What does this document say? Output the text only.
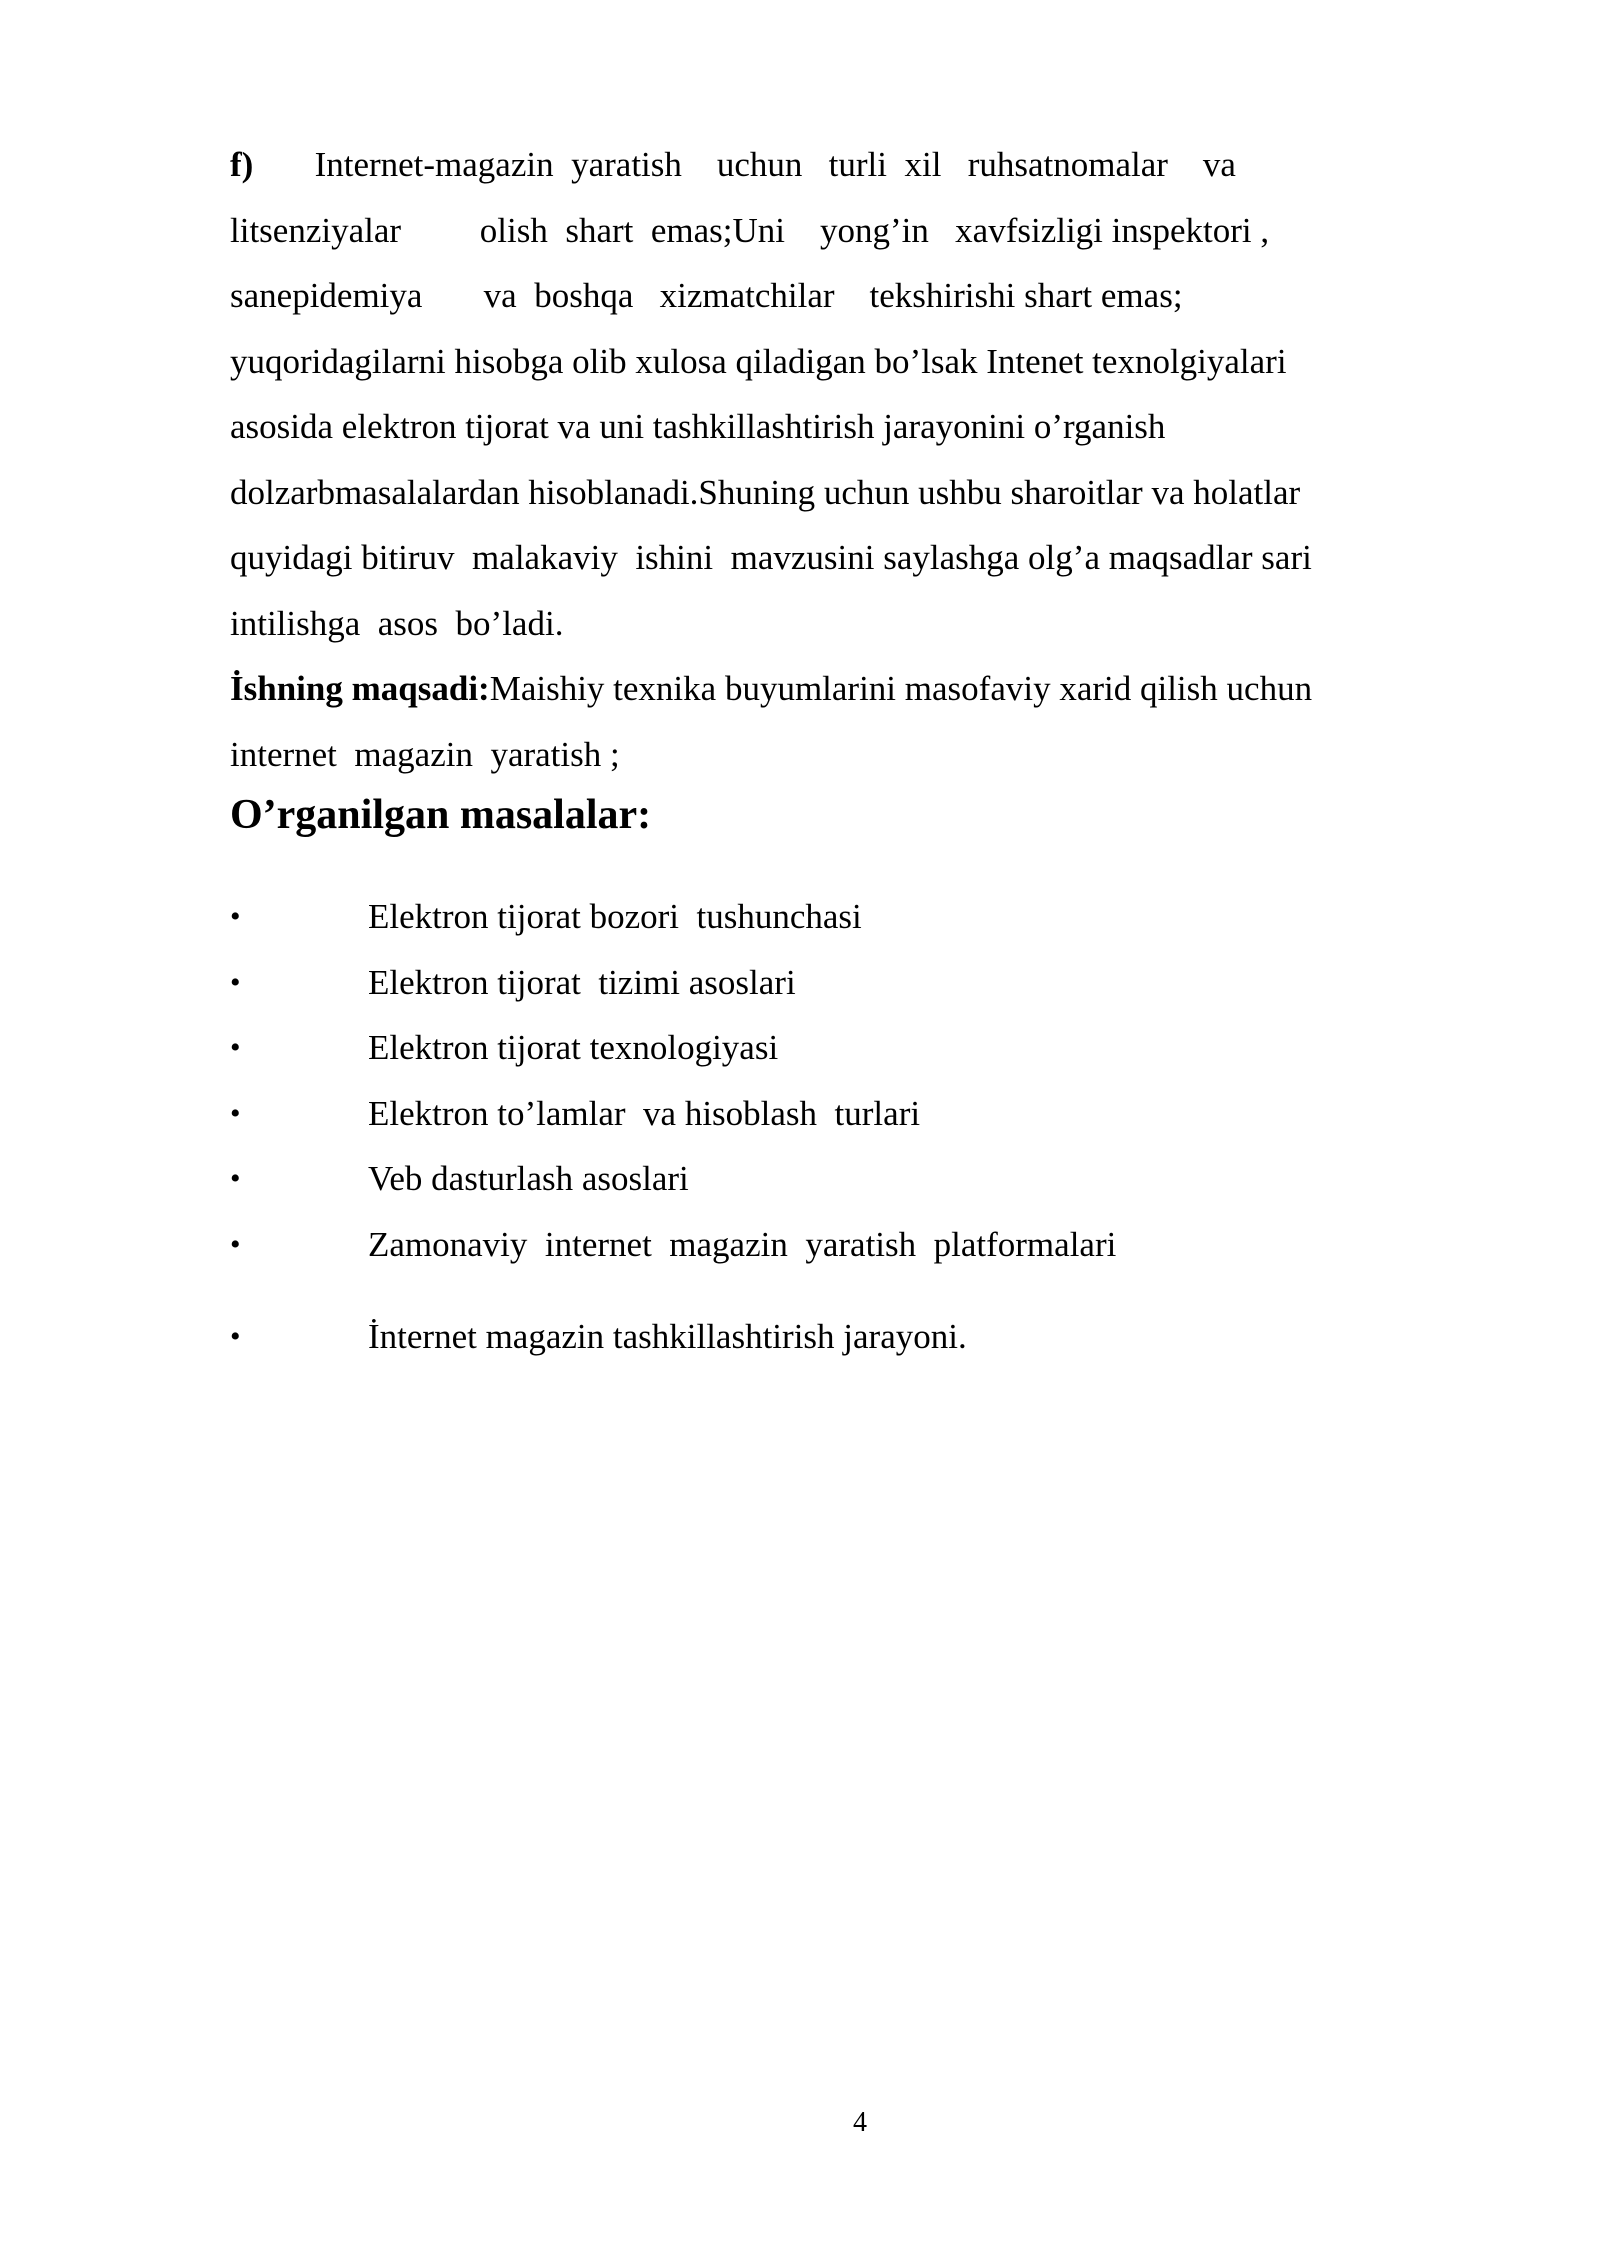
f)       Internet-magazin  yaratish    uchun   turli  xil   ruhsatnomalar    va
litsenziyalar         olish  shart  emas;Uni    yong’in   xavfsizligi inspektori ,
sanepidemiya       va  boshqa   xizmatchilar    tekshirishi shart emas;
yuqoridagilarni hisobga olib xulosa qiladigan bo’lsak Intenet texnolgiyalari
asosida elektron tijorat va uni tashkillashtirish jarayonini o’rganish
dolzarbmasalalardan hisoblanadi.Shuning uchun ushbu sharoitlar va holatlar
quyidagi bitiruv  malakaviy  ishini  mavzusini saylashga olg’a maqsadlar sari
intilishga  asos  bo’ladi.
İshning maqsadi:Maishiy texnika buyumlarini masofaviy xarid qilish uchun
internet  magazin  yaratish ;
O’rganilgan masalalar:
•	Elektron tijorat bozori  tushunchasi
•	Elektron tijorat  tizimi asoslari
•	Elektron tijorat texnologiyasi
•	Elektron to’lamlar  va hisoblash  turlari
•	Veb dasturlash asoslari
•	Zamonaviy  internet  magazin  yaratish  platformalari
•	İnternet magazin tashkillashtirish jarayoni.
4
